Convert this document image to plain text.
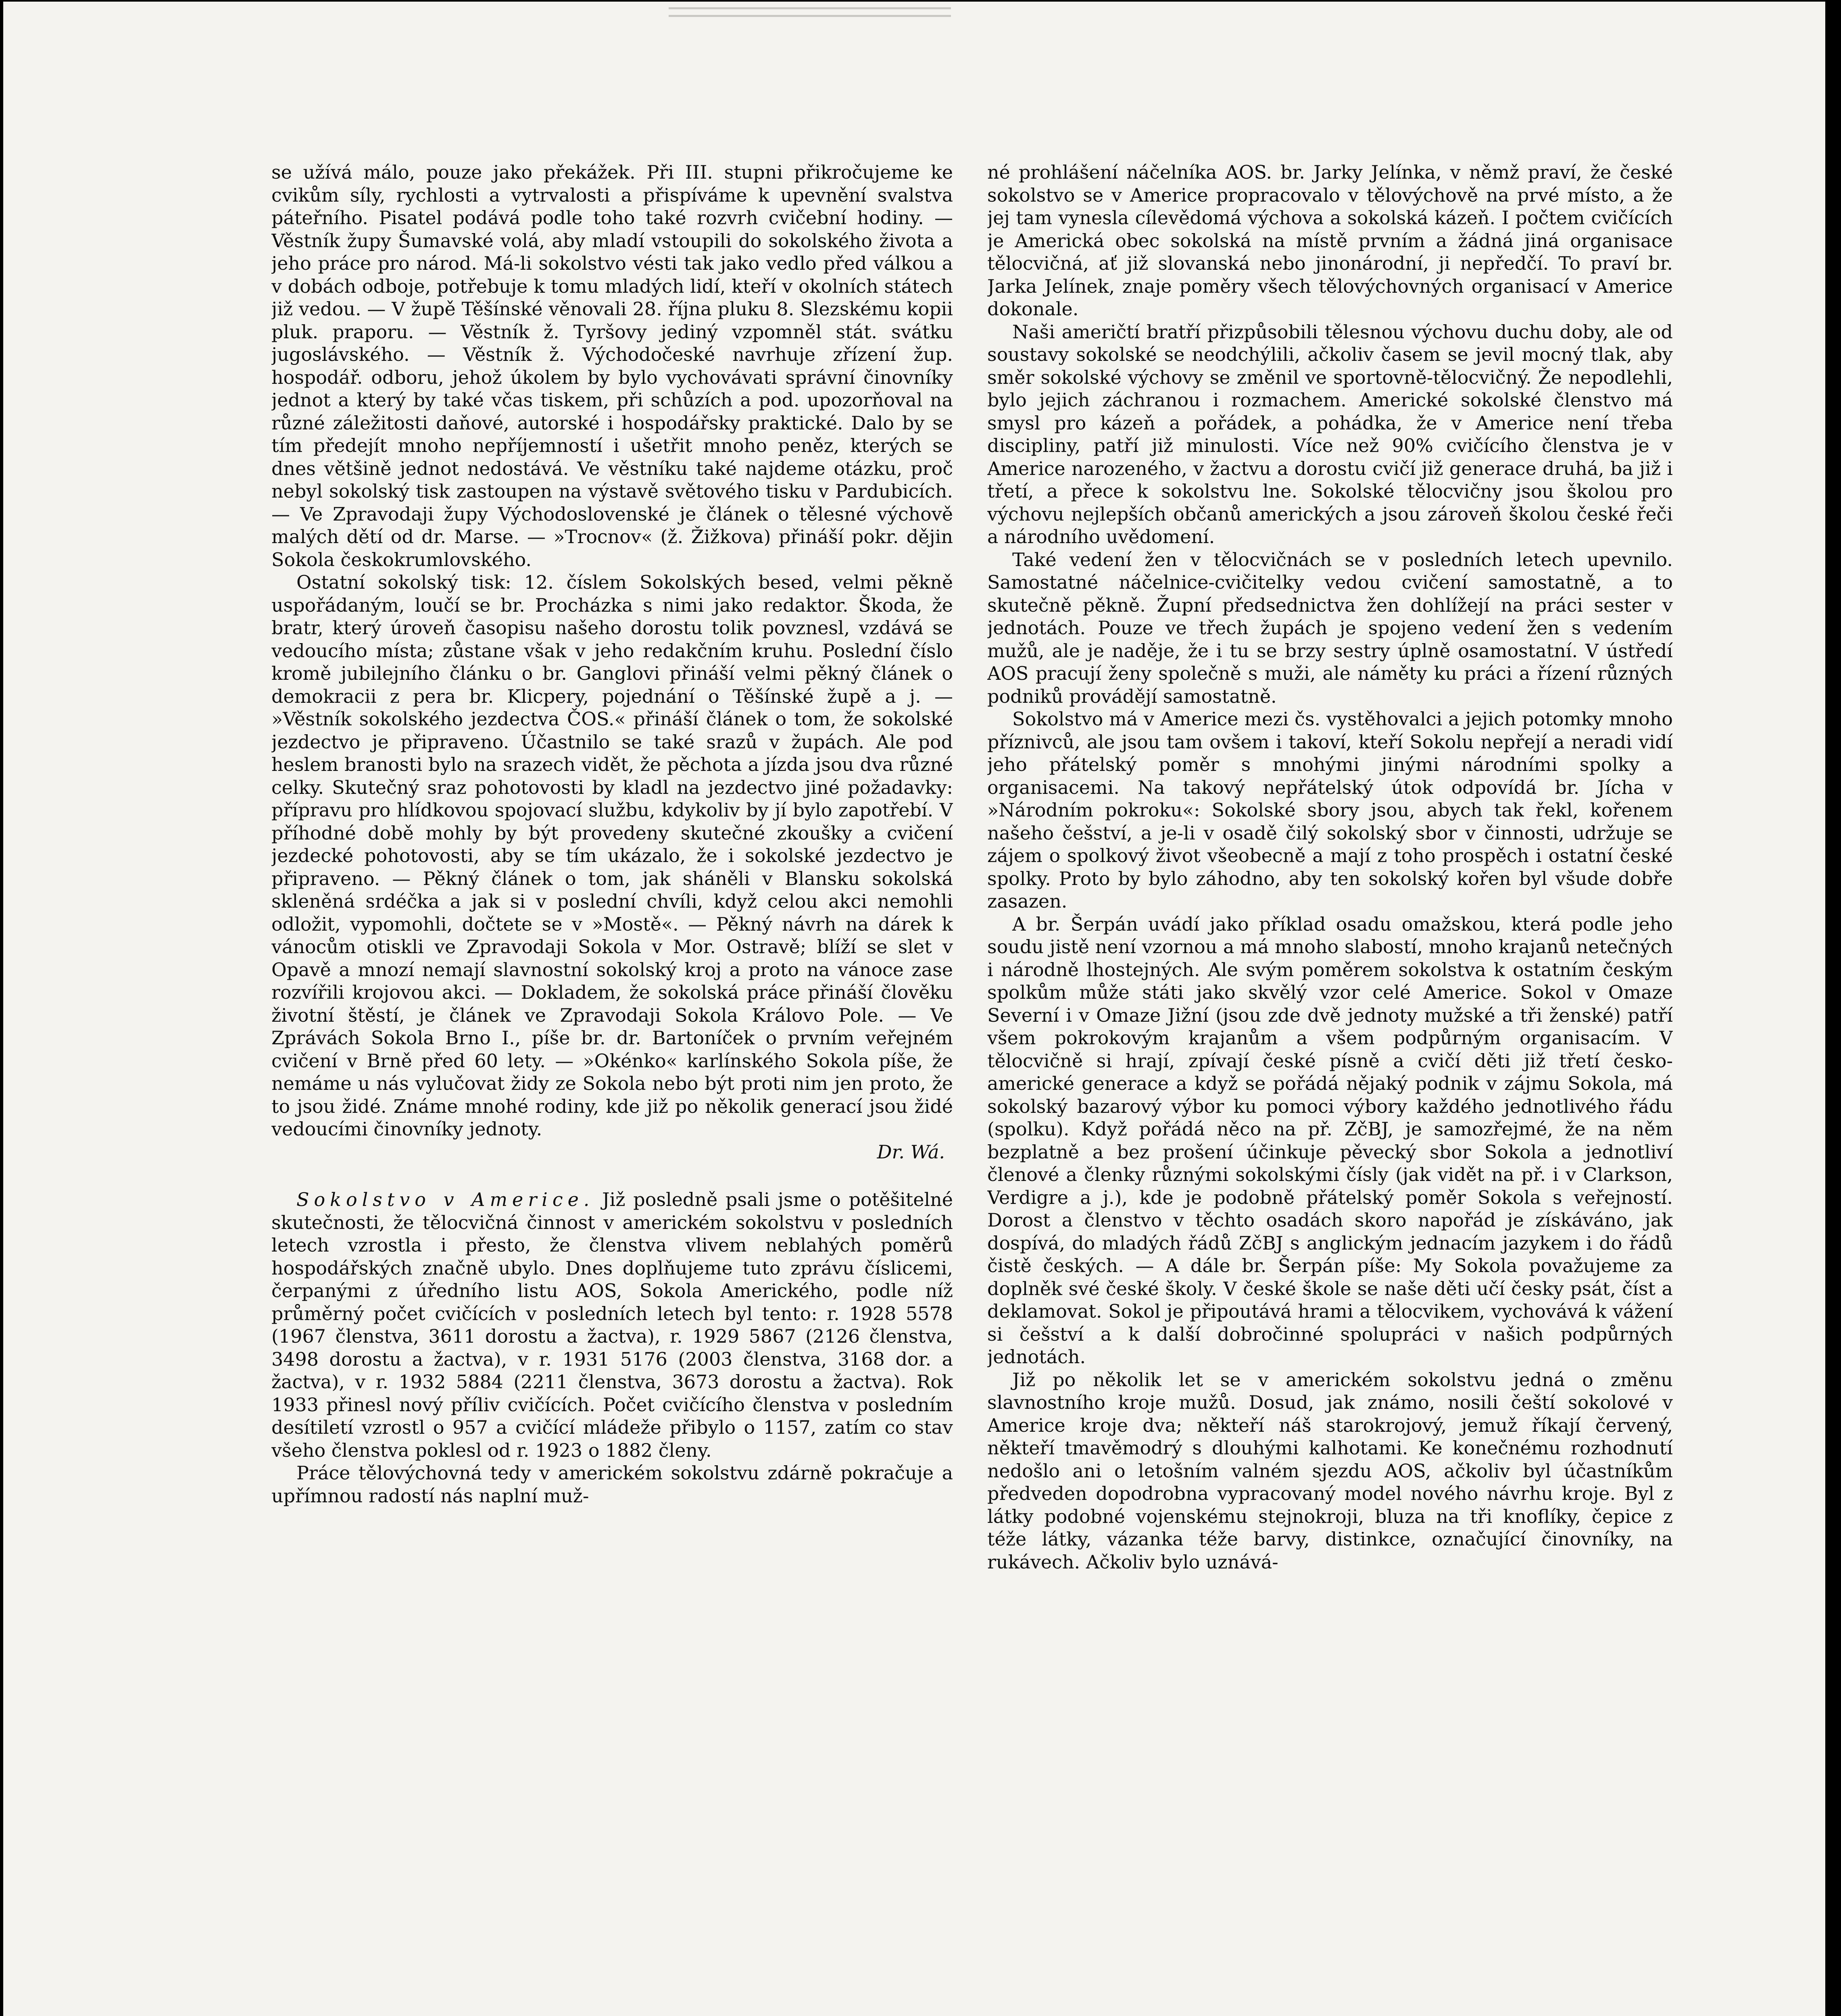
se užívá málo, pouze jako překážek. Při III. stupni přikročujeme ke cvikům síly, rychlosti a vytrvalosti a přispíváme k upevnění svalstva páteřního. Pisatel podává podle toho také rozvrh cvičební hodiny. — Věstník župy Šumavské volá, aby mladí vstoupili do sokolského života a jeho práce pro národ. Má-li sokolstvo vésti tak jako vedlo před válkou a v dobách odboje, potřebuje k tomu mladých lidí, kteří v okolních státech již vedou. — V župě Těšínské věnovali 28. října pluku 8. Slezskému kopii pluk. praporu. — Věstník ž. Tyršovy jediný vzpomněl stát. svátku jugoslávského. — Věstník ž. Východočeské navrhuje zřízení žup. hospodář. odboru, jehož úkolem by bylo vychovávati správní činovníky jednot a který by také včas tiskem, při schůzích a pod. upozorňoval na různé záležitosti daňové, autorské i hospodářsky praktické. Dalo by se tím předejít mnoho nepříjemností i ušetřit mnoho peněz, kterých se dnes většině jednot nedostává. Ve věstníku také najdeme otázku, proč nebyl sokolský tisk zastoupen na výstavě světového tisku v Pardubicích. — Ve Zpravodaji župy Východoslovenské je článek o tělesné výchově malých dětí od dr. Marse. — »Trocnov« (ž. Žižkova) přináší pokr. dějin Sokola českokrumlovského.

Ostatní sokolský tisk: 12. číslem Sokolských besed, velmi pěkně uspořádaným, loučí se br. Procházka s nimi jako redaktor. Škoda, že bratr, který úroveň časopisu našeho dorostu tolik povznesl, vzdává se vedoucího místa; zůstane však v jeho redakčním kruhu. Poslední číslo kromě jubilejního článku o br. Ganglovi přináší velmi pěkný článek o demokracii z pera br. Klicpery, pojednání o Těšínské župě a j. — »Věstník sokolského jezdectva ČOS.« přináší článek o tom, že sokolské jezdectvo je připraveno. Účastnilo se také srazů v župách. Ale pod heslem branosti bylo na srazech vidět, že pěchota a jízda jsou dva různé celky. Skutečný sraz pohotovosti by kladl na jezdectvo jiné požadavky: přípravu pro hlídkovou spojovací službu, kdykoliv by jí bylo zapotřebí. V příhodné době mohly by být provedeny skutečné zkoušky a cvičení jezdecké pohotovosti, aby se tím ukázalo, že i sokolské jezdectvo je připraveno. — Pěkný článek o tom, jak sháněli v Blansku sokolská skleněná srdéčka a jak si v poslední chvíli, když celou akci nemohli odložit, vypomohli, dočtete se v »Mostě«. — Pěkný návrh na dárek k vánocům otiskli ve Zpravodaji Sokola v Mor. Ostravě; blíží se slet v Opavě a mnozí nemají slavnostní sokolský kroj a proto na vánoce zase rozvířili krojovou akci. — Dokladem, že sokolská práce přináší člověku životní štěstí, je článek ve Zpravodaji Sokola Královo Pole. — Ve Zprávách Sokola Brno I., píše br. dr. Bartoníček o prvním veřejném cvičení v Brně před 60 lety. — »Okénko« karlínského Sokola píše, že nemáme u nás vylučovat židy ze Sokola nebo být proti nim jen proto, že to jsou židé. Známe mnohé rodiny, kde již po několik generací jsou židé vedoucími činovníky jednoty.

Dr. Wá.

Sokolstvo v Americe. Již posledně psali jsme o potěšitelné skutečnosti, že tělocvičná činnost v americkém sokolstvu v posledních letech vzrostla i přesto, že členstva vlivem neblahých poměrů hospodářských značně ubylo. Dnes doplňujeme tuto zprávu číslicemi, čerpanými z úředního listu AOS, Sokola Amerického, podle níž průměrný počet cvičících v posledních letech byl tento: r. 1928 5578 (1967 členstva, 3611 dorostu a žactva), r. 1929 5867 (2126 členstva, 3498 dorostu a žactva), v r. 1931 5176 (2003 členstva, 3168 dor. a žactva), v r. 1932 5884 (2211 členstva, 3673 dorostu a žactva). Rok 1933 přinesl nový příliv cvičících. Počet cvičícího členstva v posledním desítiletí vzrostl o 957 a cvičící mládeže přibylo o 1157, zatím co stav všeho členstva poklesl od r. 1923 o 1882 členy.

Práce tělovýchovná tedy v americkém sokolstvu zdárně pokračuje a upřímnou radostí nás naplní muž-

né prohlášení náčelníka AOS. br. Jarky Jelínka, v němž praví, že české sokolstvo se v Americe propracovalo v tělovýchově na prvé místo, a že jej tam vynesla cílevědomá výchova a sokolská kázeň. I počtem cvičících je Americká obec sokolská na místě prvním a žádná jiná organisace tělocvičná, ať již slovanská nebo jinonárodní, ji nepředčí. To praví br. Jarka Jelínek, znaje poměry všech tělovýchovných organisací v Americe dokonale.

Naši američtí bratří přizpůsobili tělesnou výchovu duchu doby, ale od soustavy sokolské se neodchýlili, ačkoliv časem se jevil mocný tlak, aby směr sokolské výchovy se změnil ve sportovně-tělocvičný. Že nepodlehli, bylo jejich záchranou i rozmachem. Americké sokolské členstvo má smysl pro kázeň a pořádek, a pohádka, že v Americe není třeba discipliny, patří již minulosti. Více než 90% cvičícího členstva je v Americe narozeného, v žactvu a dorostu cvičí již generace druhá, ba již i třetí, a přece k sokolstvu lne. Sokolské tělocvičny jsou školou pro výchovu nejlepších občanů amerických a jsou zároveň školou české řeči a národního uvědomení.

Také vedení žen v tělocvičnách se v posledních letech upevnilo. Samostatné náčelnice-cvičitelky vedou cvičení samostatně, a to skutečně pěkně. Župní předsednictva žen dohlížejí na práci sester v jednotách. Pouze ve třech župách je spojeno vedení žen s vedením mužů, ale je naděje, že i tu se brzy sestry úplně osamostatní. V ústředí AOS pracují ženy společně s muži, ale náměty ku práci a řízení různých podniků provádějí samostatně.

Sokolstvo má v Americe mezi čs. vystěhovalci a jejich potomky mnoho příznivců, ale jsou tam ovšem i takoví, kteří Sokolu nepřejí a neradi vidí jeho přátelský poměr s mnohými jinými národními spolky a organisacemi. Na takový nepřátelský útok odpovídá br. Jícha v »Národním pokroku«: Sokolské sbory jsou, abych tak řekl, kořenem našeho češství, a je-li v osadě čilý sokolský sbor v činnosti, udržuje se zájem o spolkový život všeobecně a mají z toho prospěch i ostatní české spolky. Proto by bylo záhodno, aby ten sokolský kořen byl všude dobře zasazen.

A br. Šerpán uvádí jako příklad osadu omažskou, která podle jeho soudu jistě není vzornou a má mnoho slabostí, mnoho krajanů netečných i národně lhostejných. Ale svým poměrem sokolstva k ostatním českým spolkům může státi jako skvělý vzor celé Americe. Sokol v Omaze Severní i v Omaze Jižní (jsou zde dvě jednoty mužské a tři ženské) patří všem pokrokovým krajanům a všem podpůrným organisacím. V tělocvičně si hrají, zpívají české písně a cvičí děti již třetí česko-americké generace a když se pořádá nějaký podnik v zájmu Sokola, má sokolský bazarový výbor ku pomoci výbory každého jednotlivého řádu (spolku). Když pořádá něco na př. ZčBJ, je samozřejmé, že na něm bezplatně a bez prošení účinkuje pěvecký sbor Sokola a jednotliví členové a členky různými sokolskými čísly (jak vidět na př. i v Clarkson, Verdigre a j.), kde je podobně přátelský poměr Sokola s veřejností. Dorost a členstvo v těchto osadách skoro napořád je získáváno, jak dospívá, do mladých řádů ZčBJ s anglickým jednacím jazykem i do řádů čistě českých. — A dále br. Šerpán píše: My Sokola považujeme za doplněk své české školy. V české škole se naše děti učí česky psát, číst a deklamovat. Sokol je připoutává hrami a tělocvikem, vychovává k vážení si češství a k další dobročinné spolupráci v našich podpůrných jednotách.

Již po několik let se v americkém sokolstvu jedná o změnu slavnostního kroje mužů. Dosud, jak známo, nosili čeští sokolové v Americe kroje dva; někteří náš starokrojový, jemuž říkají červený, někteří tmavěmodrý s dlouhými kalhotami. Ke konečnému rozhodnutí nedošlo ani o letošním valném sjezdu AOS, ačkoliv byl účastníkům předveden dopodrobna vypracovaný model nového návrhu kroje. Byl z látky podobné vojenskému stejnokroji, bluza na tři knoflíky, čepice z téže látky, vázanka téže barvy, distinkce, označující činovníky, na rukávech. Ačkoliv bylo uznává-
